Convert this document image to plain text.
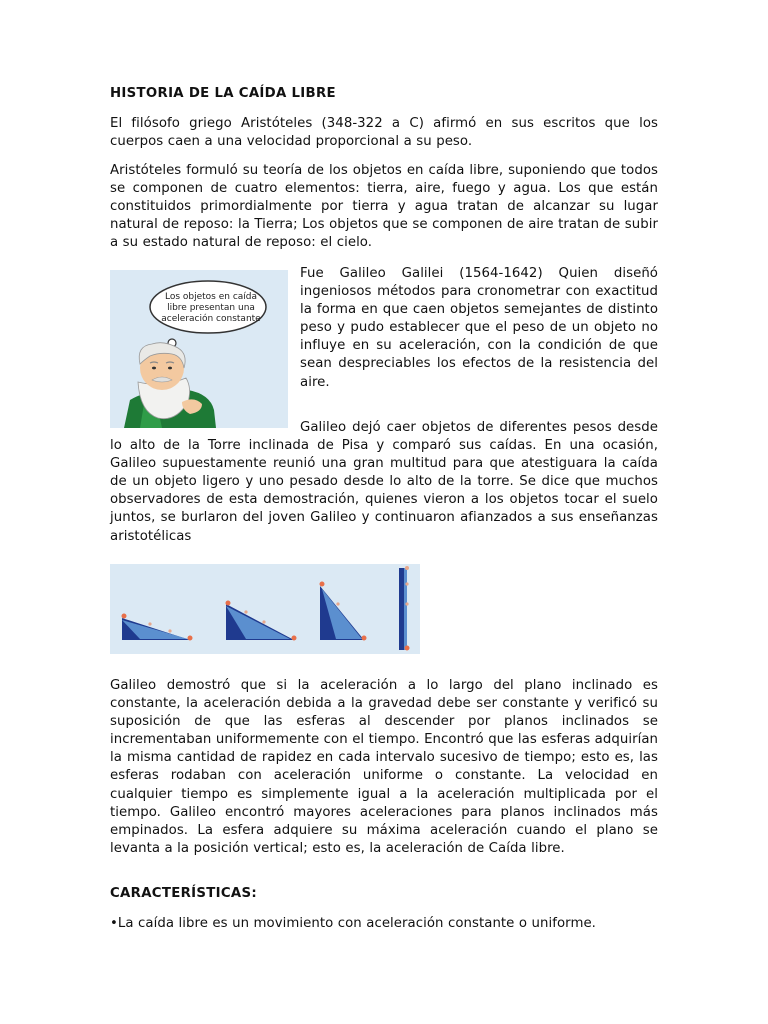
HISTORIA DE LA CAÍDA LIBRE

El filósofo griego Aristóteles (348-322 a C) afirmó en sus escritos que los cuerpos caen a una velocidad proporcional a su peso.

Aristóteles formuló su teoría de los objetos en caída libre, suponiendo que todos se componen de cuatro elementos: tierra, aire, fuego y agua. Los que están constituidos primordialmente por tierra y agua tratan de alcanzar su lugar natural de reposo: la Tierra; Los objetos que se componen de aire tratan de subir a su estado natural de reposo: el cielo.

Los objetos en caída
libre presentan una
aceleración constante

Fue Galileo Galilei (1564-1642) Quien diseñó ingeniosos métodos para cronometrar con exactitud la forma en que caen objetos semejantes de distinto peso y pudo establecer que el peso de un objeto no influye en su aceleración, con la condición de que sean despreciables los efectos de la resistencia del aire.

Galileo dejó caer objetos de diferentes pesos desde lo alto de la Torre inclinada de Pisa y comparó sus caídas. En una ocasión, Galileo supuestamente reunió una gran multitud para que atestiguara la caída de un objeto ligero y uno pesado desde lo alto de la torre. Se dice que muchos observadores de esta demostración, quienes vieron a los objetos tocar el suelo juntos, se burlaron del joven Galileo y continuaron afianzados a sus enseñanzas aristotélicas

Galileo demostró que si la aceleración a lo largo del plano inclinado es constante, la aceleración debida a la gravedad debe ser constante y verificó su suposición de que las esferas al descender por planos inclinados se incrementaban uniformemente con el tiempo. Encontró que las esferas adquirían la misma cantidad de rapidez en cada intervalo sucesivo de tiempo; esto es, las esferas rodaban con aceleración uniforme o constante. La velocidad en cualquier tiempo es simplemente igual a la aceleración multiplicada por el tiempo. Galileo encontró mayores aceleraciones para planos inclinados más empinados. La esfera adquiere su máxima aceleración cuando el plano se levanta a la posición vertical; esto es, la aceleración de Caída libre.

CARACTERÍSTICAS:

•La caída libre es un movimiento con aceleración constante o uniforme.
